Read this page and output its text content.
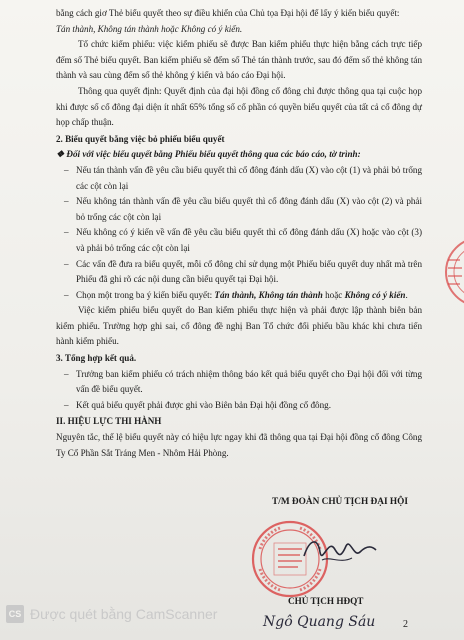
bằng cách giơ Thẻ biểu quyết theo sự điều khiển của Chủ tọa Đại hội để lấy ý kiến biểu quyết:

Tán thành, Không tán thành hoặc Không có ý kiến.

Tổ chức kiểm phiếu: việc kiểm phiếu sẽ được Ban kiểm phiếu thực hiện bằng cách trực tiếp đếm số Thẻ biểu quyết. Ban kiểm phiếu sẽ đếm số Thẻ tán thành trước, sau đó đếm số thẻ không tán thành và sau cùng đếm số thẻ không ý kiến và báo cáo Đại hội.

Thông qua quyết định: Quyết định của đại hội đồng cổ đông chỉ được thông qua tại cuộc họp khi được số cổ đông đại diện ít nhất 65% tổng số cổ phần có quyền biểu quyết của tất cả cổ đông dự họp chấp thuận.

2. Biểu quyết bằng việc bỏ phiếu biểu quyết

❖ Đối với việc biểu quyết bằng Phiếu biểu quyết thông qua các báo cáo, tờ trình:

– Nếu tán thành vấn đề yêu cầu biểu quyết thì cổ đông đánh dấu (X) vào cột (1) và phải bỏ trống các cột còn lại

– Nếu không tán thành vấn đề yêu cầu biểu quyết thì cổ đông đánh dấu (X) vào cột (2) và phải bỏ trống các cột còn lại

– Nếu không có ý kiến về vấn đề yêu cầu biểu quyết thì cổ đông đánh dấu (X) hoặc vào cột (3) và phải bỏ trống các cột còn lại

– Các vấn đề đưa ra biểu quyết, mỗi cổ đông chỉ sử dụng một Phiếu biểu quyết duy nhất mà trên Phiếu đã ghi rõ các nội dung cần biểu quyết tại Đại hội.

– Chọn một trong ba ý kiến biểu quyết: Tán thành, Không tán thành hoặc Không có ý kiến.

Việc kiểm phiếu biểu quyết do Ban kiểm phiếu thực hiện và phải được lập thành biên bản kiểm phiếu. Trường hợp ghi sai, cổ đông đề nghị Ban Tổ chức đổi phiếu bầu khác khi chưa tiến hành kiểm phiếu.

3. Tổng hợp kết quả.

– Trưởng ban kiểm phiếu có trách nhiệm thông báo kết quả biểu quyết cho Đại hội đối với từng vấn đề biểu quyết.

– Kết quả biểu quyết phải được ghi vào Biên bản Đại hội đồng cổ đông.

II. HIỆU LỰC THI HÀNH

Nguyên tắc, thể lệ biểu quyết này có hiệu lực ngay khi đã thông qua tại Đại hội đồng cổ đông Công Ty Cổ Phần Sắt Tráng Men - Nhôm Hải Phòng.

T/M ĐOÀN CHỦ TỊCH ĐẠI HỘI
CHỦ TỊCH HĐQT
Ngô Quang Sáu
CS Được quét bằng CamScanner
2
